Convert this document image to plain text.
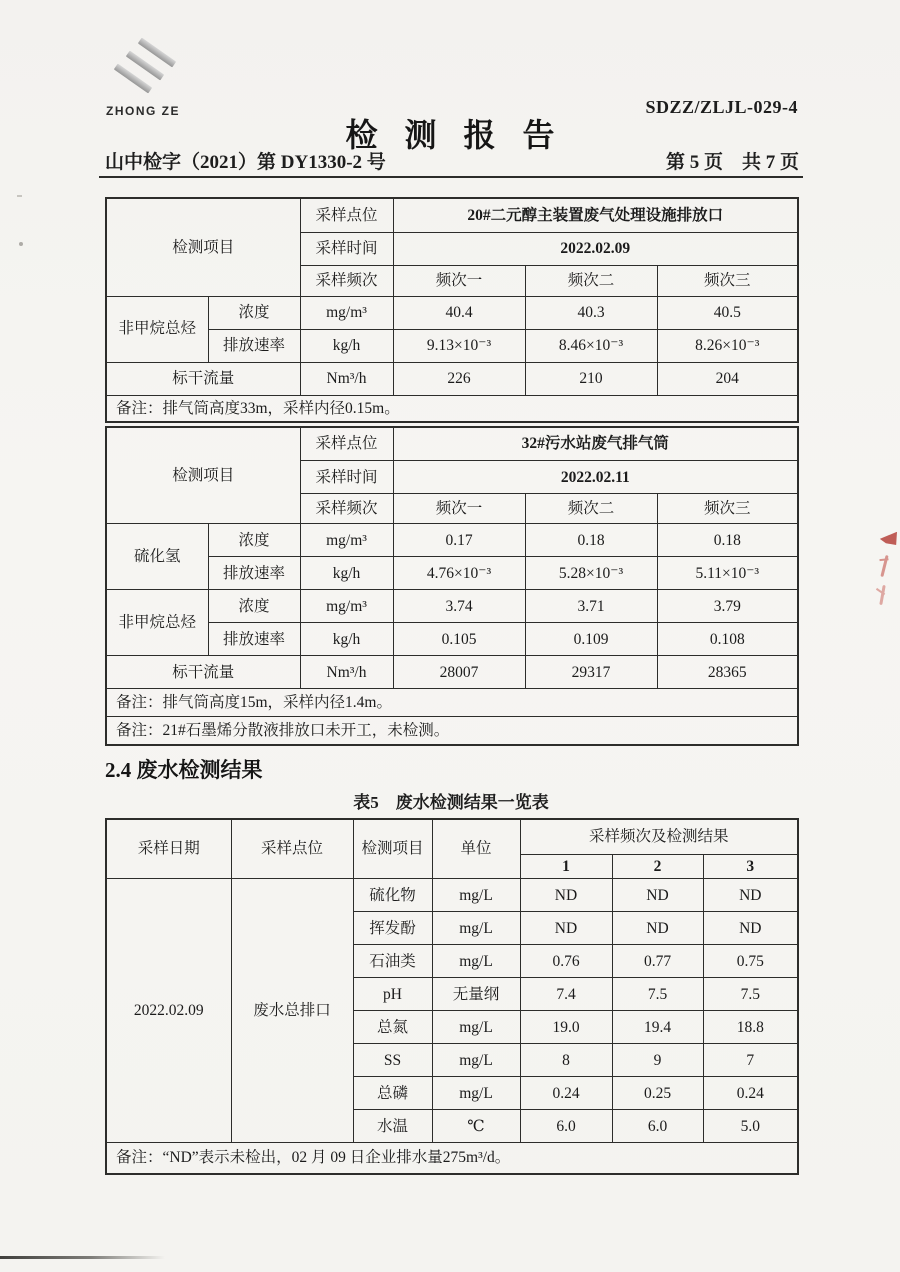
ZHONG ZE	SDZZ/ZLJL-029-4
检测报告
山中检字（2021）第 DY1330-2 号	第 5 页　共 7 页
检测项目		采样点位	20#二元醇主装置废气处理设施排放口		
		采样时间	2022.02.09		
		采样频次	频次一	频次二	频次三
非甲烷总烃	浓度	mg/m³	40.4	40.3	40.5
	排放速率	kg/h	9.13×10⁻³	8.46×10⁻³	8.26×10⁻³
标干流量		Nm³/h	226	210	204
备注：排气筒高度33m，采样内径0.15m。					
检测项目		采样点位	32#污水站废气排气筒		
		采样时间	2022.02.11		
		采样频次	频次一	频次二	频次三
硫化氢	浓度	mg/m³	0.17	0.18	0.18
	排放速率	kg/h	4.76×10⁻³	5.28×10⁻³	5.11×10⁻³
非甲烷总烃	浓度	mg/m³	3.74	3.71	3.79
	排放速率	kg/h	0.105	0.109	0.108
标干流量		Nm³/h	28007	29317	28365
备注：排气筒高度15m，采样内径1.4m。					
备注：21#石墨烯分散液排放口未开工，未检测。					
2.4 废水检测结果
表5　废水检测结果一览表
采样日期	采样点位	检测项目	单位	采样频次及检测结果		
				1	2	3
2022.02.09	废水总排口	硫化物	mg/L	ND	ND	ND
		挥发酚	mg/L	ND	ND	ND
		石油类	mg/L	0.76	0.77	0.75
		pH	无量纲	7.4	7.5	7.5
		总氮	mg/L	19.0	19.4	18.8
		SS	mg/L	8	9	7
		总磷	mg/L	0.24	0.25	0.24
		水温	℃	6.0	6.0	5.0
备注：“ND”表示未检出，02 月 09 日企业排水量275m³/d。						
